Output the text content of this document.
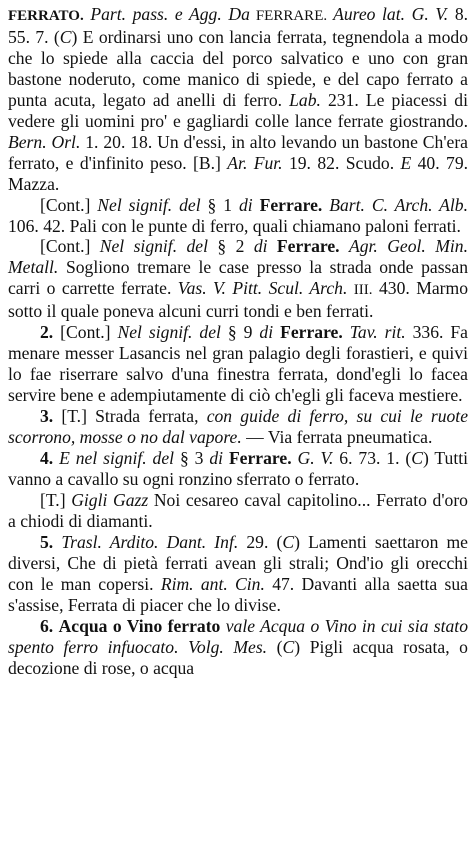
FERRATO. Part. pass. e Agg. Da FERRARE. Aureo lat. G. V. 8. 55. 7. (C) E ordinarsi uno con lancia ferrata, tegnendola a modo che lo spiede alla caccia del porco salvatico e uno con gran bastone noderuto, come manico di spiede, e del capo ferrato a punta acuta, legato ad anelli di ferro. Lab. 231. Le piacessi di vedere gli uomini pro' e gagliardi colle lance ferrate giostrando. Bern. Orl. 1. 20. 18. Un d'essi, in alto levando un bastone Ch'era ferrato, e d'infinito peso. [B.] Ar. Fur. 19. 82. Scudo. E 40. 79. Mazza.

[Cont.] Nel signif. del § 1 di Ferrare. Bart. C. Arch. Alb. 106. 42. Pali con le punte di ferro, quali chiamano paloni ferrati.

[Cont.] Nel signif. del § 2 di Ferrare. Agr. Geol. Min. Metall. Sogliono tremare le case presso la strada onde passan carri o carrette ferrate. Vas. V. Pitt. Scul. Arch. III. 430. Marmo sotto il quale poneva alcuni curri tondi e ben ferrati.

2. [Cont.] Nel signif. del § 9 di Ferrare. Tav. rit. 336. Fa menare messer Lasancis nel gran palagio degli forastieri, e quivi lo fae riserrare salvo d'una finestra ferrata, dond'egli lo facea servire bene e adempiutamente di ciò ch'egli gli faceva mestiere.

3. [T.] Strada ferrata, con guide di ferro, su cui le ruote scorrono, mosse o no dal vapore. — Via ferrata pneumatica.

4. E nel signif. del § 3 di Ferrare. G. V. 6. 73. 1. (C) Tutti vanno a cavallo su ogni ronzino sferrato o ferrato.

[T.] Gigli Gazz Noi cesareo caval capitolino... Ferrato d'oro a chiodi di diamanti.

5. Trasl. Ardito. Dant. Inf. 29. (C) Lamenti saettaron me diversi, Che di pietà ferrati avean gli strali; Ond'io gli orecchi con le man copersi. Rim. ant. Cin. 47. Davanti alla saetta sua s'assise, Ferrata di piacer che lo divise.

6. Acqua o Vino ferrato vale Acqua o Vino in cui sia stato spento ferro infuocato. Volg. Mes. (C) Pigli acqua rosata, o decozione di rose, o acqua
